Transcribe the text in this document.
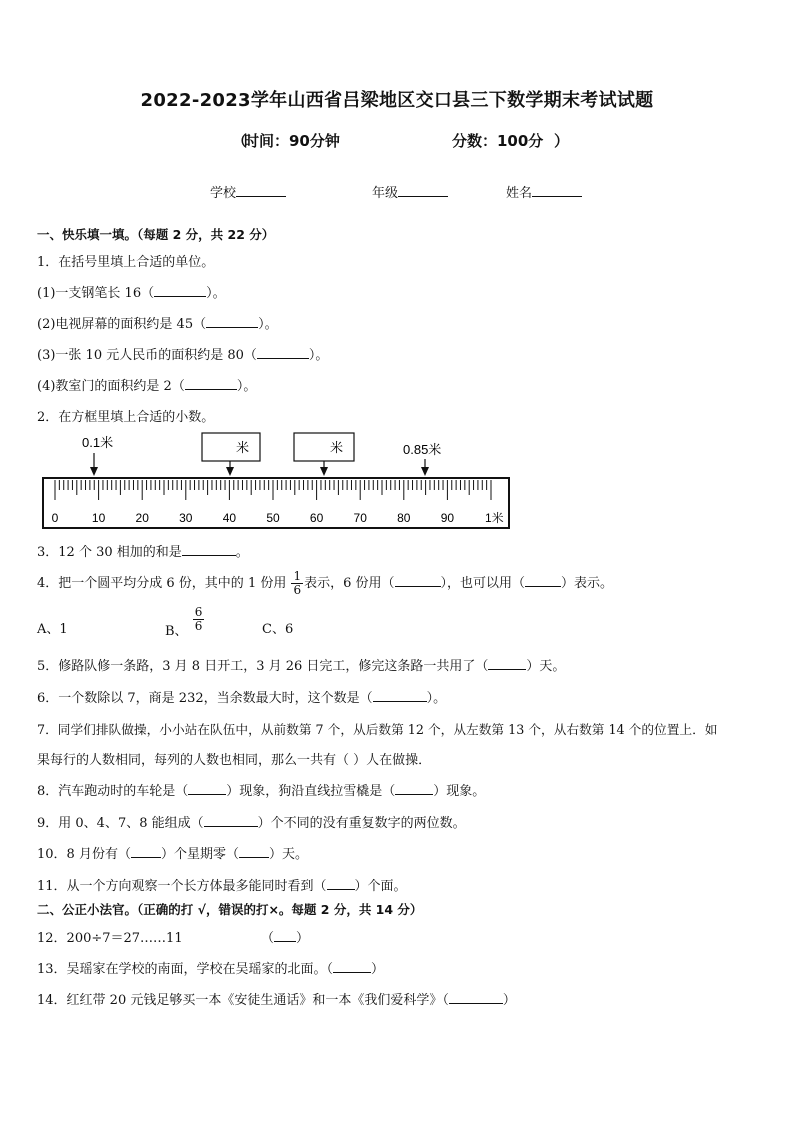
2022-2023学年山西省吕梁地区交口县三下数学期末考试试题
（
时间：90分钟	分数：100分 ）
学校	年级	姓名
一、快乐填一填。（每题 2 分，共 22 分）
1．在括号里填上合适的单位。
(1)一支钢笔长 16（	）。
(2)电视屏幕的面积约是 45（	）。
(3)一张 10 元人民币的面积约是 80（	）。
(4)教室门的面积约是 2（	）。
2．在方框里填上合适的小数。
0.1米	米	米	0.85米
0	10	20	30	40	50	60	70	80	90	1米
3．12 个 30 相加的和是	。
4．把一个圆平均分成 6 份，其中的 1 份用 $\frac{1}{6}$ 表示，6 份用（	），也可以用（	）表示。
A、1	B、 $\frac{6}{6}$	C、6
5．修路队修一条路，3 月 8 日开工，3 月 26 日完工，修完这条路一共用了（	）天。
6．一个数除以 7，商是 232，当余数最大时，这个数是（	）。
7．同学们排队做操，小小站在队伍中，从前数第 7 个，从后数第 12 个，从左数第 13 个，从右数第 14 个的位置上．如
果每行的人数相同，每列的人数也相同，那么一共有（ ）人在做操．
8．汽车跑动时的车轮是（	）现象，狗沿直线拉雪橇是（	）现象。
9．用 0、4、7、8 能组成（	）个不同的没有重复数字的两位数。
10．8 月份有（ ）个星期零（ ）天。
11．从一个方向观察一个长方体最多能同时看到（ ）个面。
二、公正小法官。（正确的打 √，错误的打×。每题 2 分，共 14 分）
12．200÷7＝27……11	（ ）
13．吴瑶家在学校的南面，学校在吴瑶家的北面。（	）
14．红红带 20 元钱足够买一本《安徒生通话》和一本《我们爱科学》（	）
